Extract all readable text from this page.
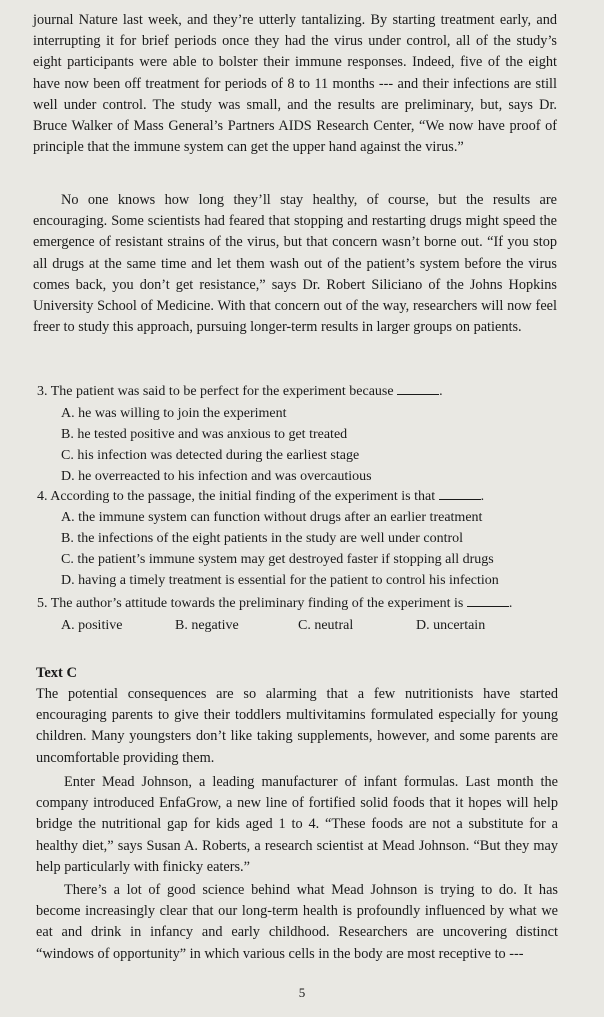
journal Nature last week, and they’re utterly tantalizing. By starting treatment early, and interrupting it for brief periods once they had the virus under control, all of the study’s eight participants were able to bolster their immune responses. Indeed, five of the eight have now been off treatment for periods of 8 to 11 months --- and their infections are still well under control. The study was small, and the results are preliminary, but, says Dr. Bruce Walker of Mass General’s Partners AIDS Research Center, “We now have proof of principle that the immune system can get the upper hand against the virus.”

No one knows how long they’ll stay healthy, of course, but the results are encouraging. Some scientists had feared that stopping and restarting drugs might speed the emergence of resistant strains of the virus, but that concern wasn’t borne out. “If you stop all drugs at the same time and let them wash out of the patient’s system before the virus comes back, you don’t get resistance,” says Dr. Robert Siliciano of the Johns Hopkins University School of Medicine. With that concern out of the way, researchers will now feel freer to study this approach, pursuing longer-term results in larger groups on patients.

3. The patient was said to be perfect for the experiment because	.
A. he was willing to join the experiment
B. he tested positive and was anxious to get treated
C. his infection was detected during the earliest stage
D. he overreacted to his infection and was overcautious
4. According to the passage, the initial finding of the experiment is that	.
A. the immune system can function without drugs after an earlier treatment
B. the infections of the eight patients in the study are well under control
C. the patient’s immune system may get destroyed faster if stopping all drugs
D. having a timely treatment is essential for the patient to control his infection
5. The author’s attitude towards the preliminary finding of the experiment is	.
A. positive	B. negative	C. neutral	D. uncertain
Text C

The potential consequences are so alarming that a few nutritionists have started encouraging parents to give their toddlers multivitamins formulated especially for young children. Many youngsters don’t like taking supplements, however, and some parents are uncomfortable providing them.

Enter Mead Johnson, a leading manufacturer of infant formulas. Last month the company introduced EnfaGrow, a new line of fortified solid foods that it hopes will help bridge the nutritional gap for kids aged 1 to 4. “These foods are not a substitute for a healthy diet,” says Susan A. Roberts, a research scientist at Mead Johnson. “But they may help particularly with finicky eaters.”

There’s a lot of good science behind what Mead Johnson is trying to do. It has become increasingly clear that our long-term health is profoundly influenced by what we eat and drink in infancy and early childhood. Researchers are uncovering distinct “windows of opportunity” in which various cells in the body are most receptive to ---

5
